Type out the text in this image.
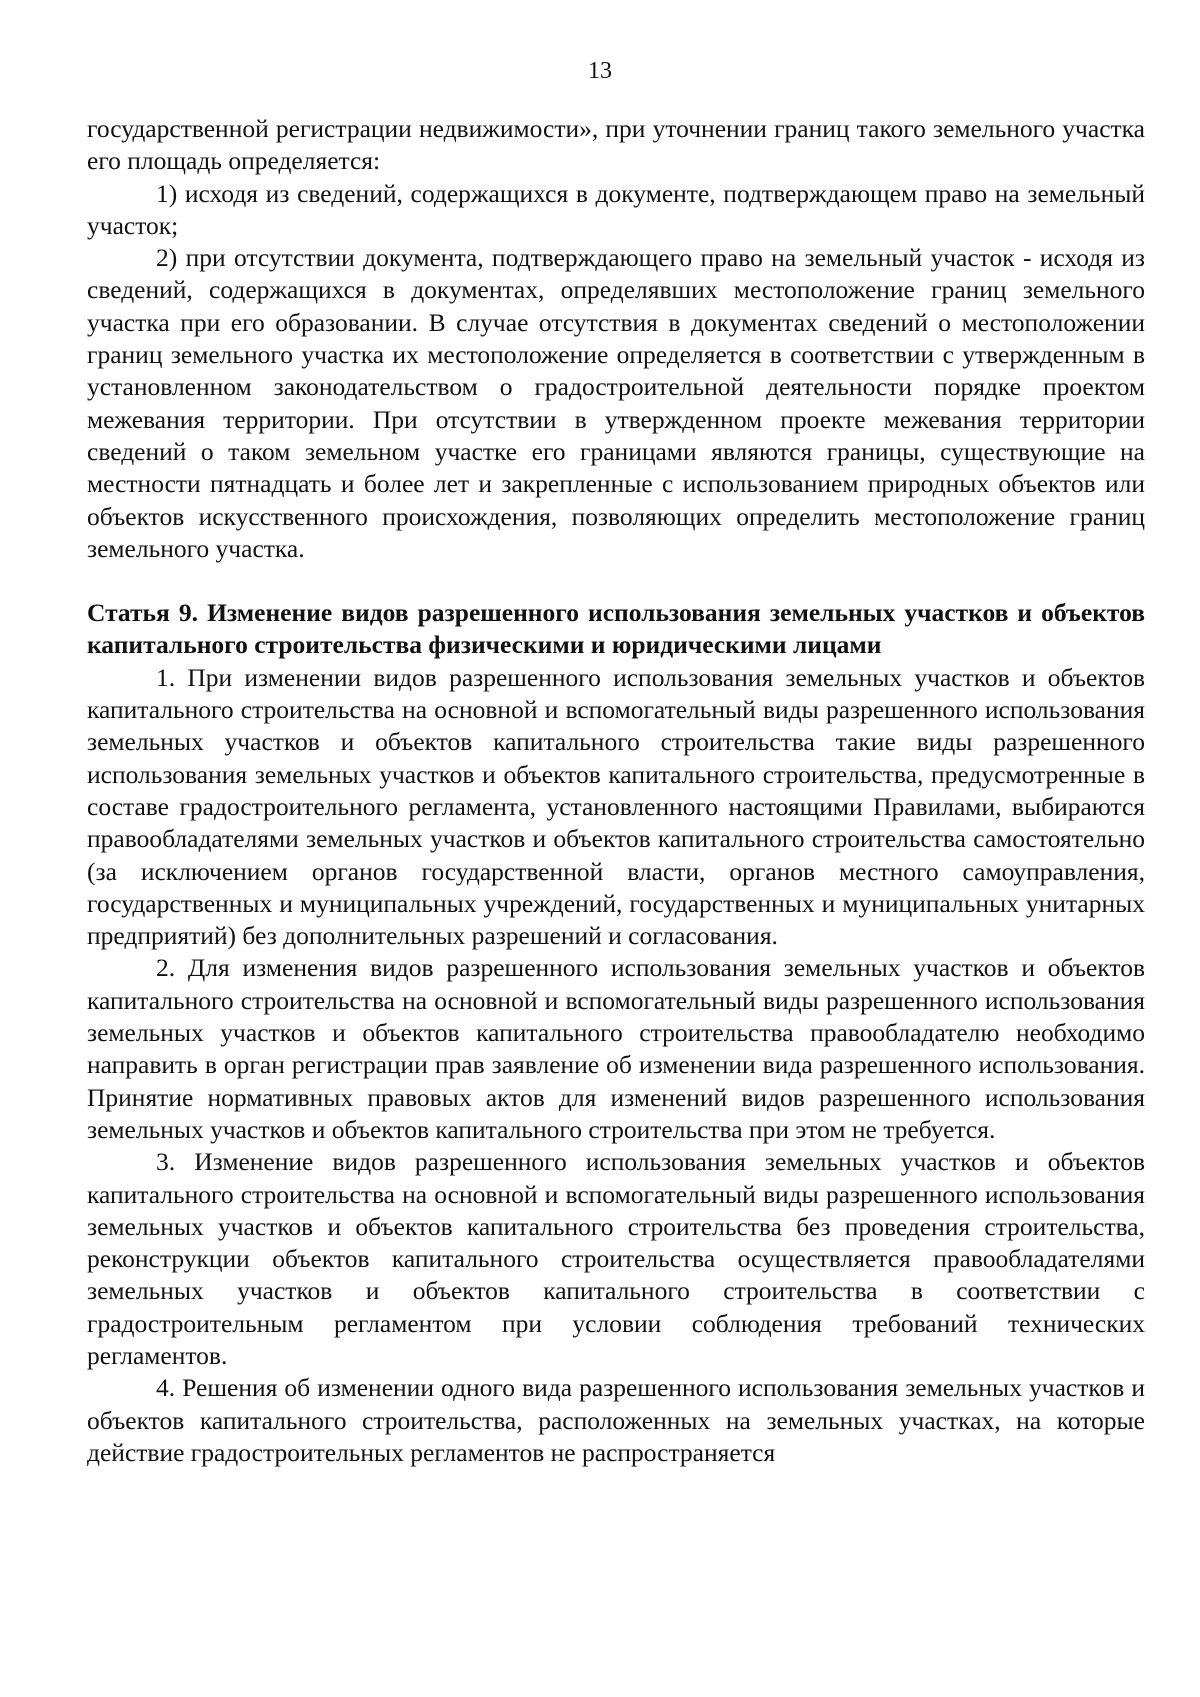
13

государственной регистрации недвижимости», при уточнении границ такого земельного участка его площадь определяется:

1) исходя из сведений, содержащихся в документе, подтверждающем право на земельный участок;

2) при отсутствии документа, подтверждающего право на земельный участок - исходя из сведений, содержащихся в документах, определявших местоположение границ земельного участка при его образовании. В случае отсутствия в документах сведений о местоположении границ земельного участка их местоположение определяется в соответствии с утвержденным в установленном законодательством о градостроительной деятельности порядке проектом межевания территории. При отсутствии в утвержденном проекте межевания территории сведений о таком земельном участке его границами являются границы, существующие на местности пятнадцать и более лет и закрепленные с использованием природных объектов или объектов искусственного происхождения, позволяющих определить местоположение границ земельного участка.

Статья 9. Изменение видов разрешенного использования земельных участков и объектов капитального строительства физическими и юридическими лицами

1. При изменении видов разрешенного использования земельных участков и объектов капитального строительства на основной и вспомогательный виды разрешенного использования земельных участков и объектов капитального строительства такие виды разрешенного использования земельных участков и объектов капитального строительства, предусмотренные в составе градостроительного регламента, установленного настоящими Правилами, выбираются правообладателями земельных участков и объектов капитального строительства самостоятельно (за исключением органов государственной власти, органов местного самоуправления, государственных и муниципальных учреждений, государственных и муниципальных унитарных предприятий) без дополнительных разрешений и согласования.

2. Для изменения видов разрешенного использования земельных участков и объектов капитального строительства на основной и вспомогательный виды разрешенного использования земельных участков и объектов капитального строительства правообладателю необходимо направить в орган регистрации прав заявление об изменении вида разрешенного использования. Принятие нормативных правовых актов для изменений видов разрешенного использования земельных участков и объектов капитального строительства при этом не требуется.

3. Изменение видов разрешенного использования земельных участков и объектов капитального строительства на основной и вспомогательный виды разрешенного использования земельных участков и объектов капитального строительства без проведения строительства, реконструкции объектов капитального строительства осуществляется правообладателями земельных участков и объектов капитального строительства в соответствии с градостроительным регламентом при условии соблюдения требований технических регламентов.

4. Решения об изменении одного вида разрешенного использования земельных участков и объектов капитального строительства, расположенных на земельных участках, на которые действие градостроительных регламентов не распространяется
